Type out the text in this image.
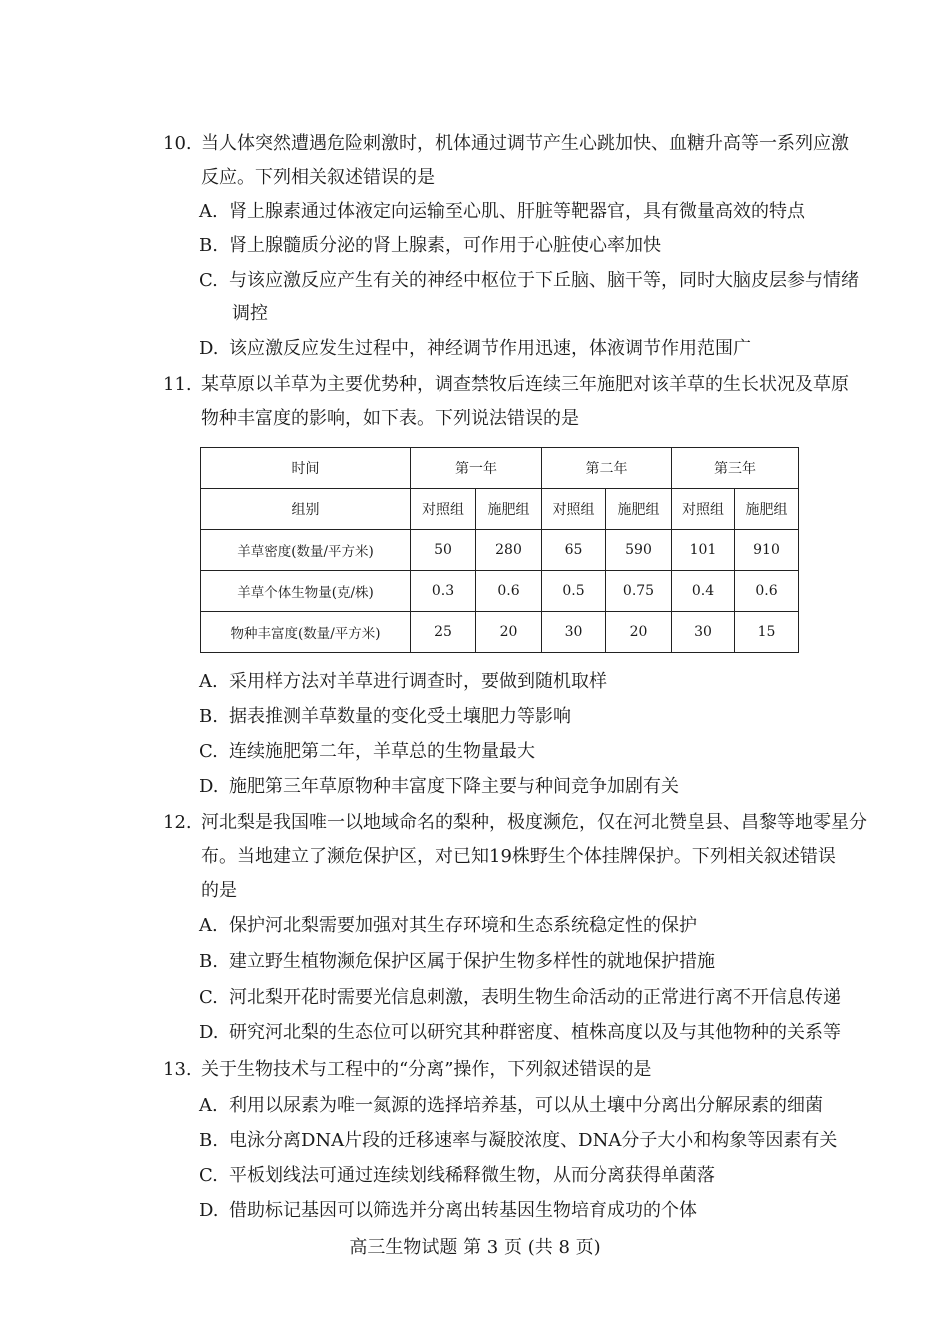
10. 当人体突然遭遇危险刺激时，机体通过调节产生心跳加快、血糖升高等一系列应激
反应。下列相关叙述错误的是
A. 肾上腺素通过体液定向运输至心肌、肝脏等靶器官，具有微量高效的特点
B. 肾上腺髓质分泌的肾上腺素，可作用于心脏使心率加快
C. 与该应激反应产生有关的神经中枢位于下丘脑、脑干等，同时大脑皮层参与情绪
调控
D. 该应激反应发生过程中，神经调节作用迅速，体液调节作用范围广
11. 某草原以羊草为主要优势种，调查禁牧后连续三年施肥对该羊草的生长状况及草原
物种丰富度的影响，如下表。下列说法错误的是
时间	第一年		第二年		第三年	
组别	对照组	施肥组	对照组	施肥组	对照组	施肥组
羊草密度(数量/平方米)	50	280	65	590	101	910
羊草个体生物量(克/株)	0.3	0.6	0.5	0.75	0.4	0.6
物种丰富度(数量/平方米)	25	20	30	20	30	15
A. 采用样方法对羊草进行调查时，要做到随机取样
B. 据表推测羊草数量的变化受土壤肥力等影响
C. 连续施肥第二年，羊草总的生物量最大
D. 施肥第三年草原物种丰富度下降主要与种间竞争加剧有关
12. 河北梨是我国唯一以地域命名的梨种，极度濒危，仅在河北赞皇县、昌黎等地零星分
布。当地建立了濒危保护区，对已知19株野生个体挂牌保护。下列相关叙述错误
的是
A. 保护河北梨需要加强对其生存环境和生态系统稳定性的保护
B. 建立野生植物濒危保护区属于保护生物多样性的就地保护措施
C. 河北梨开花时需要光信息刺激，表明生物生命活动的正常进行离不开信息传递
D. 研究河北梨的生态位可以研究其种群密度、植株高度以及与其他物种的关系等
13. 关于生物技术与工程中的“分离”操作，下列叙述错误的是
A. 利用以尿素为唯一氮源的选择培养基，可以从土壤中分离出分解尿素的细菌
B. 电泳分离DNA片段的迁移速率与凝胶浓度、DNA分子大小和构象等因素有关
C. 平板划线法可通过连续划线稀释微生物，从而分离获得单菌落
D. 借助标记基因可以筛选并分离出转基因生物培育成功的个体
高三生物试题 第 3 页 (共 8 页)
